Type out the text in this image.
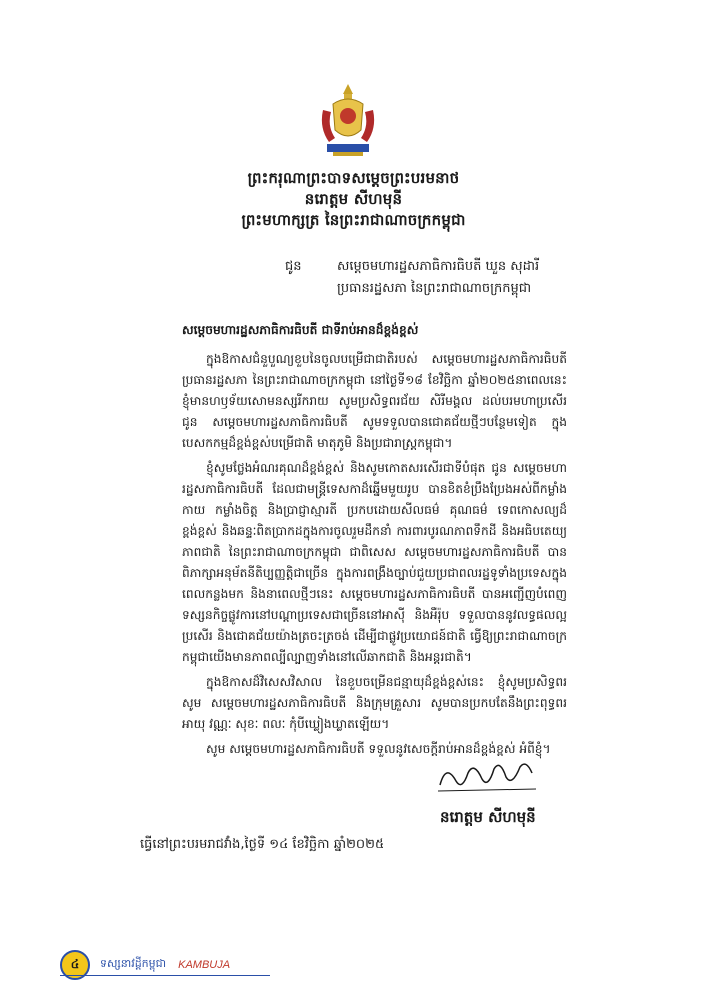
ព្រះករុណាព្រះបាទសម្ដេចព្រះបរមនាថ
នរោត្តម សីហមុនី
ព្រះមហាក្សត្រ នៃព្រះរាជាណាចក្រកម្ពុជា
ជូន	សម្ដេចមហារដ្ឋសភាធិការធិបតី ឃួន សុដារី
ប្រធានរដ្ឋសភា នៃព្រះរាជាណាចក្រកម្ពុជា

សម្ដេចមហារដ្ឋសភាធិការធិបតី ជាទីរាប់អានដ៏ខ្ពង់ខ្ពស់

ក្នុងឱកាសជំនួបួណ្យខួបនៃចូលបម្រើជាជាតិរបស់ សម្ដេចមហារដ្ឋសភាធិការធិបតី ប្រធានរដ្ឋសភា នៃព្រះរាជាណាចក្រកម្ពុជា នៅថ្ងៃទី១៨ ខែវិច្ឆិកា ឆ្នាំ២០២៥នាពេលនេះ ខ្ញុំមានហឫទ័យសោមនស្សរីករាយ សូមប្រសិទ្ធពរជ័យ សិរីមង្គល ដល់បរមហាប្រសើរ ជូន សម្ដេចមហារដ្ឋសភាធិការធិបតី សូមទទួលបានជោគជ័យថ្មីៗបន្ថែមទៀត ក្នុងបេសកកម្មដ៏ខ្ពង់ខ្ពស់បម្រើជាតិ មាតុភូមិ និងប្រជារាស្ត្រកម្ពុជា។

ខ្ញុំសូមថ្លែងអំណរគុណដ៏ខ្ពង់ខ្ពស់ និងសូមកោតសរសើរជាទីបំផុត ជូន សម្ដេចមហារដ្ឋសភាធិការធិបតី ដែលជាមន្ត្រីទេសកាដ៏ឆ្នើមមួយរូប បានខិតខំប្រឹងប្រែងអស់ពីកម្លាំងកាយ កម្លាំងចិត្ត និងប្រាជ្ញាស្មារតី ប្រកបដោយសីលធម៌ គុណធម៌ ទេពកោសល្យដ៏ខ្ពង់ខ្ពស់ និងឆន្ទៈពិតប្រាកដក្នុងការចូលរួមដឹកនាំ ការពារបូរណភាពទឹកដី និងអធិបតេយ្យភាពជាតិ នៃព្រះរាជាណាចក្រកម្ពុជា ជាពិសេស សម្ដេចមហារដ្ឋសភាធិការធិបតី បានពិភាក្សាអនុម័តនីតិប្បញ្ញត្តិជាច្រើន ក្នុងការពង្រឹងច្បាប់ជួយប្រជាពលរដ្ឋទូទាំងប្រទេសក្នុងពេលកន្លងមក និងនាពេលថ្មីៗនេះ សម្ដេចមហារដ្ឋសភាធិការធិបតី បានអញ្ជើញបំពេញទស្សនកិច្ចផ្លូវការនៅបណ្ដាប្រទេសជាច្រើននៅអាស៊ី និងអឺរ៉ុប ទទួលបាននូវលទ្ធផលល្អប្រសើរ និងជោគជ័យយ៉ាងត្រចះត្រចង់ ដើម្បីជាផ្លូវប្រយោជន៍ជាតិ ធ្វើឱ្យព្រះរាជាណាចក្រកម្ពុជាយើងមានភាពល្បីល្បាញទាំងនៅលើឆាកជាតិ និងអន្តរជាតិ។

ក្នុងឱកាសដ៏វិសេសវិសាល នៃខួបចម្រើនជន្មាយុដ៏ខ្ពង់ខ្ពស់នេះ ខ្ញុំសូមប្រសិទ្ធពរ សូម សម្ដេចមហារដ្ឋសភាធិការធិបតី និងក្រុមគ្រួសារ សូមបានប្រកបតែនឹងព្រះពុទ្ធពរ អាយុ វណ្ណៈ សុខៈ ពលៈ កុំបីឃ្លៀងឃ្លាតឡើយ។

សូម សម្ដេចមហារដ្ឋសភាធិការធិបតី ទទួលនូវសេចក្ដីរាប់អានដ៏ខ្ពង់ខ្ពស់ អំពីខ្ញុំ។

នរោត្តម សីហមុនី
ធ្វើនៅព្រះបរមរាជវាំង,ថ្ងៃទី ១៤ ខែវិច្ឆិកា ឆ្នាំ២០២៥
៤	ទស្សនាវដ្ដីកម្ពុជា KAMBUJA
